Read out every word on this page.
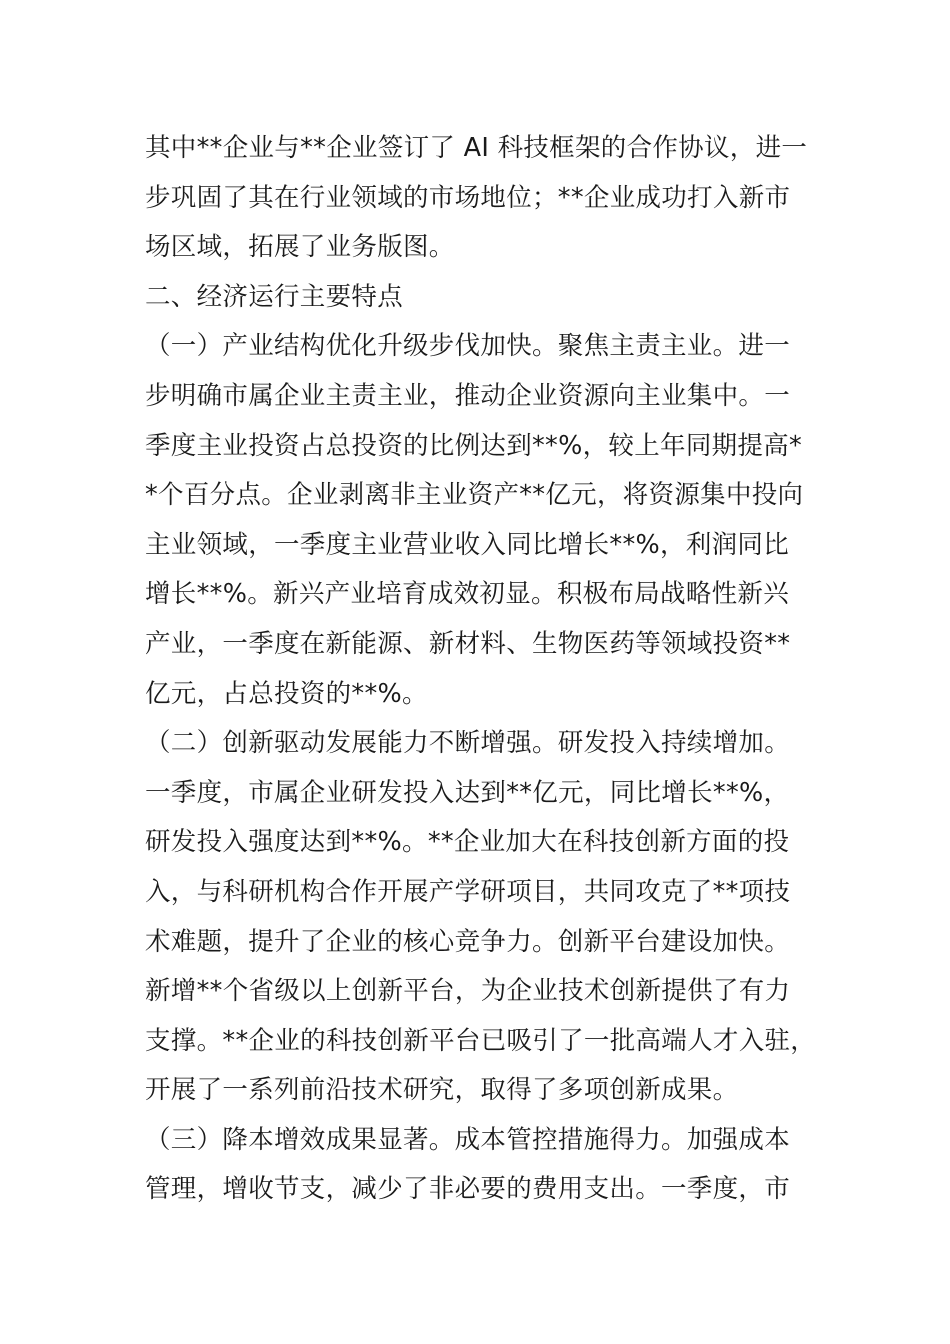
其中**企业与**企业签订了 AI 科技框架的合作协议，进一
步巩固了其在行业领域的市场地位；**企业成功打入新市
场区域，拓展了业务版图。
二、经济运行主要特点
（一）产业结构优化升级步伐加快。聚焦主责主业。进一
步明确市属企业主责主业，推动企业资源向主业集中。一
季度主业投资占总投资的比例达到**%，较上年同期提高*
*个百分点。企业剥离非主业资产**亿元，将资源集中投向
主业领域，一季度主业营业收入同比增长**%，利润同比
增长**%。新兴产业培育成效初显。积极布局战略性新兴
产业，一季度在新能源、新材料、生物医药等领域投资**
亿元，占总投资的**%。
（二）创新驱动发展能力不断增强。研发投入持续增加。
一季度，市属企业研发投入达到**亿元，同比增长**%，
研发投入强度达到**%。**企业加大在科技创新方面的投
入，与科研机构合作开展产学研项目，共同攻克了**项技
术难题，提升了企业的核心竞争力。创新平台建设加快。
新增**个省级以上创新平台，为企业技术创新提供了有力
支撑。**企业的科技创新平台已吸引了一批高端人才入驻，
开展了一系列前沿技术研究，取得了多项创新成果。
（三）降本增效成果显著。成本管控措施得力。加强成本
管理，增收节支，减少了非必要的费用支出。一季度，市
